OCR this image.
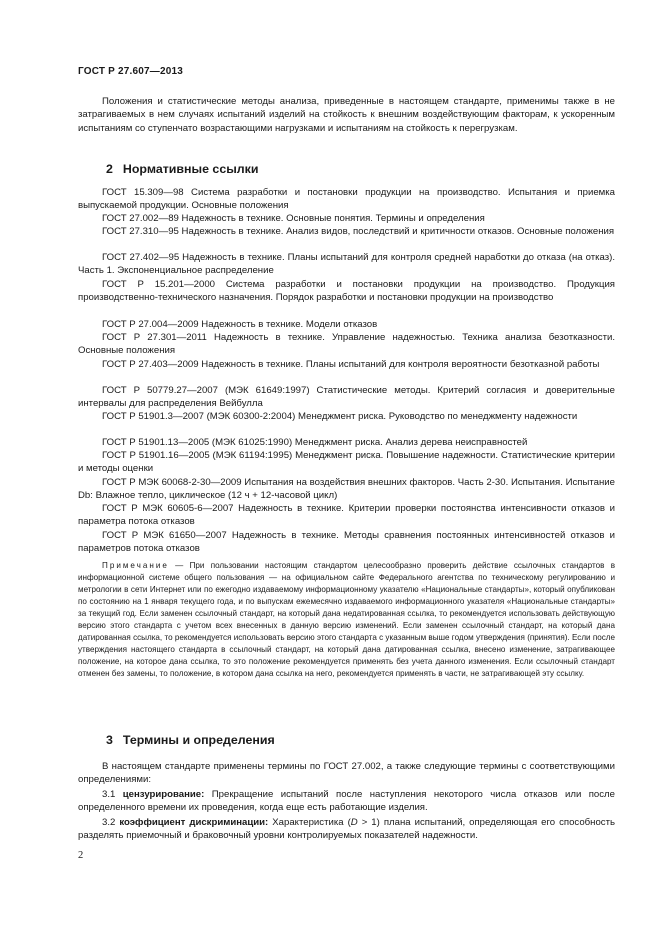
ГОСТ Р 27.607—2013

Положения и статистические методы анализа, приведенные в настоящем стандарте, применимы также в не затрагиваемых в нем случаях испытаний изделий на стойкость к внешним воздействующим факторам, к ускоренным испытаниям со ступенчато возрастающими нагрузками и испытаниям на стойкость к перегрузкам.

2 Нормативные ссылки

ГОСТ 15.309—98 Система разработки и постановки продукции на производство. Испытания и приемка выпускаемой продукции. Основные положения

ГОСТ 27.002—89 Надежность в технике. Основные понятия. Термины и определения

ГОСТ 27.310—95 Надежность в технике. Анализ видов, последствий и критичности отказов. Основные положения

ГОСТ 27.402—95 Надежность в технике. Планы испытаний для контроля средней наработки до отказа (на отказ). Часть 1. Экспоненциальное распределение

ГОСТ Р 15.201—2000 Система разработки и постановки продукции на производство. Продукция производственно-технического назначения. Порядок разработки и постановки продукции на производство

ГОСТ Р 27.004—2009 Надежность в технике. Модели отказов

ГОСТ Р 27.301—2011 Надежность в технике. Управление надежностью. Техника анализа безотказности. Основные положения

ГОСТ Р 27.403—2009 Надежность в технике. Планы испытаний для контроля вероятности безотказной работы

ГОСТ Р 50779.27—2007 (МЭК 61649:1997) Статистические методы. Критерий согласия и доверительные интервалы для распределения Вейбулла

ГОСТ Р 51901.3—2007 (МЭК 60300-2:2004) Менеджмент риска. Руководство по менеджменту надежности

ГОСТ Р 51901.13—2005 (МЭК 61025:1990) Менеджмент риска. Анализ дерева неисправностей

ГОСТ Р 51901.16—2005 (МЭК 61194:1995) Менеджмент риска. Повышение надежности. Статистические критерии и методы оценки

ГОСТ Р МЭК 60068-2-30—2009 Испытания на воздействия внешних факторов. Часть 2-30. Испытания. Испытание Db: Влажное тепло, циклическое (12 ч + 12-часовой цикл)

ГОСТ Р МЭК 60605-6—2007 Надежность в технике. Критерии проверки постоянства интенсивности отказов и параметра потока отказов

ГОСТ Р МЭК 61650—2007 Надежность в технике. Методы сравнения постоянных интенсивностей отказов и параметров потока отказов

Примечание — При пользовании настоящим стандартом целесообразно проверить действие ссылочных стандартов в информационной системе общего пользования — на официальном сайте Федерального агентства по техническому регулированию и метрологии в сети Интернет или по ежегодно издаваемому информационному указателю «Национальные стандарты», который опубликован по состоянию на 1 января текущего года, и по выпускам ежемесячно издаваемого информационного указателя «Национальные стандарты» за текущий год. Если заменен ссылочный стандарт, на который дана недатированная ссылка, то рекомендуется использовать действующую версию этого стандарта с учетом всех внесенных в данную версию изменений. Если заменен ссылочный стандарт, на который дана датированная ссылка, то рекомендуется использовать версию этого стандарта с указанным выше годом утверждения (принятия). Если после утверждения настоящего стандарта в ссылочный стандарт, на который дана датированная ссылка, внесено изменение, затрагивающее положение, на которое дана ссылка, то это положение рекомендуется применять без учета данного изменения. Если ссылочный стандарт отменен без замены, то положение, в котором дана ссылка на него, рекомендуется применять в части, не затрагивающей эту ссылку.

3 Термины и определения

В настоящем стандарте применены термины по ГОСТ 27.002, а также следующие термины с соответствующими определениями:

3.1 цензурирование: Прекращение испытаний после наступления некоторого числа отказов или после определенного времени их проведения, когда еще есть работающие изделия.

3.2 коэффициент дискриминации: Характеристика (D > 1) плана испытаний, определяющая его способность разделять приемочный и браковочный уровни контролируемых показателей надежности.

2
